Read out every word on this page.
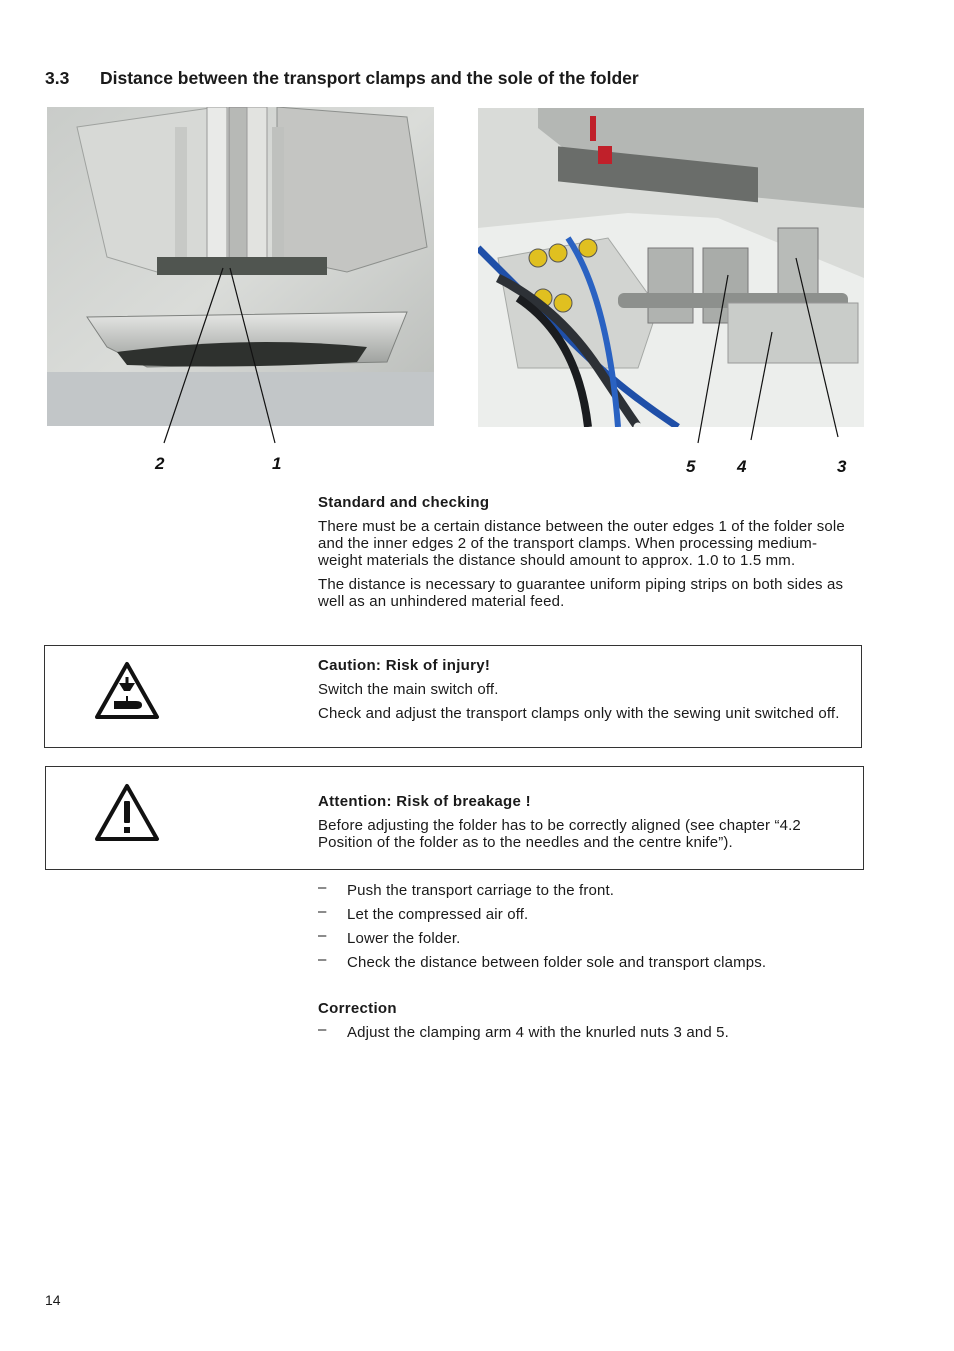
3.3 Distance between the transport clamps and the sole of the folder
2	1	5 4	3
Standard and checking

There must be a certain distance between the outer edges 1 of the folder sole and the inner edges 2 of the transport clamps. When processing medium-weight materials the distance should amount to approx. 1.0 to 1.5 mm.

The distance is necessary to guarantee uniform piping strips on both sides as well as an unhindered material feed.

Caution: Risk of injury!

Switch the main switch off.

Check and adjust the transport clamps only with the sewing unit switched off.

Attention: Risk of breakage !

Before adjusting the folder has to be correctly aligned (see chapter “4.2 Position of the folder as to the needles and the centre knife”).

– Push the transport carriage to the front.
– Let the compressed air off.
– Lower the folder.
– Check the distance between folder sole and transport clamps.
Correction
– Adjust the clamping arm 4 with the knurled nuts 3 and 5.
14
